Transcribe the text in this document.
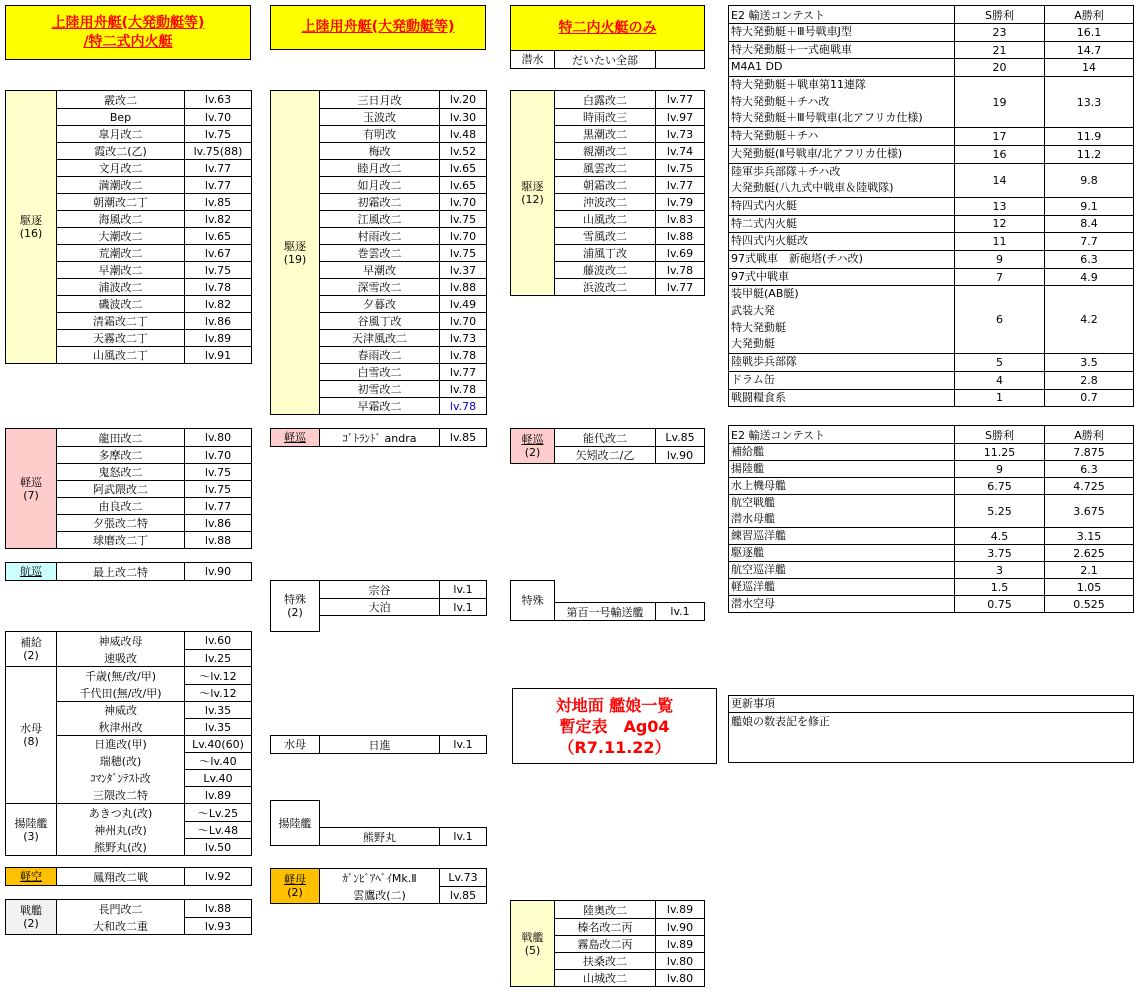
対地面 艦娘一覧
暫定表　Ag04
（R7.11.22）
更新事項
艦娘の数表記を修正
上陸用舟艇(大発動艇等)
/特二式内火艇
駆逐
(16)
霰改二	lv.63
Bep	lv.70
皐月改二	lv.75
霞改二(乙)	lv.75(88)
文月改二	lv.77
満潮改二	lv.77
朝潮改二丁	lv.85
海風改二	lv.82
大潮改二	lv.65
荒潮改二	lv.67
早潮改二	lv.75
浦波改二	lv.78
磯波改二	lv.82
清霜改二丁	lv.86
天霧改二丁	lv.89
山風改二丁	lv.91
軽巡
(7)
龍田改二	lv.80
多摩改二	lv.70
鬼怒改二	lv.75
阿武隈改二	lv.75
由良改二	lv.77
夕張改二特	lv.86
球磨改二丁	lv.88
航巡	最上改二特	lv.90
補給
(2)
神威改母	lv.60
速吸改	lv.25
水母
(8)
千歳(無/改/甲)	～lv.12
千代田(無/改/甲)	～lv.12
神威改	lv.35
秋津州改	lv.35
日進改(甲)	Lv.40(60)
瑞穂(改)	～lv.40
ｺﾏﾝﾀﾞﾝﾃｽﾄ改	Lv.40
三隈改二特	lv.89
揚陸艦
(3)
あきつ丸(改)	～Lv.25
神州丸(改)	～Lv.48
熊野丸(改)	lv.50
軽空	鳳翔改二戦	lv.92
戦艦
(2)
長門改二	lv.88
大和改二重	lv.93
上陸用舟艇(大発動艇等)
駆逐
(19)
三日月改	lv.20
玉波改	lv.30
有明改	lv.48
梅改	lv.52
睦月改二	lv.65
如月改二	lv.65
初霜改二	lv.70
江風改二	lv.75
村雨改二	lv.70
巻雲改二	lv.75
早潮改	lv.37
深雪改二	lv.88
夕暮改	lv.49
谷風丁改	lv.70
天津風改二	lv.73
春雨改二	lv.78
白雪改二	lv.77
初雪改二	lv.78
早霜改二	lv.78
軽巡	ｺﾞﾄﾗﾝﾄﾞ andra	lv.85
特殊
(2)
宗谷	lv.1
大泊	lv.1
水母	日進	lv.1
揚陸艦
熊野丸	lv.1
軽母
(2)
ｶﾞﾝﾋﾞｱﾍﾞｲMk.Ⅱ	Lv.73
雲鷹改(二)	lv.85
特二内火艇のみ
潜水	だいたい全部
駆逐
(12)
白露改二	lv.77
時雨改三	lv.97
黒潮改二	lv.73
親潮改二	lv.74
風雲改二	lv.75
朝霜改二	lv.77
沖波改二	lv.79
山風改二	lv.83
雪風改二	lv.88
浦風丁改	lv.69
藤波改二	lv.78
浜波改二	lv.77
軽巡
(2)
能代改二	Lv.85
矢矧改二/乙	lv.90
特殊
第百一号輸送艦	lv.1
戦艦
(5)
陸奥改二	lv.89
榛名改二丙	lv.90
霧島改二丙	lv.89
扶桑改二	lv.80
山城改二	lv.80
E2 輸送コンテスト	S勝利	A勝利
特大発動艇＋Ⅲ号戦車J型	23	16.1
特大発動艇＋一式砲戦車	21	14.7
M4A1 DD	20	14
特大発動艇＋戦車第11連隊
特大発動艇＋チハ改
特大発動艇＋Ⅲ号戦車(北アフリカ仕様)
19	13.3
特大発動艇＋チハ	17	11.9
大発動艇(Ⅱ号戦車/北アフリカ仕様)	16	11.2
陸軍歩兵部隊＋チハ改
大発動艇(八九式中戦車＆陸戦隊)
14	9.8
特四式内火艇	13	9.1
特二式内火艇	12	8.4
特四式内火艇改	11	7.7
97式戦車　新砲塔(チハ改)	9	6.3
97式中戦車	7	4.9
装甲艇(AB艇)
武装大発
特大発動艇
大発動艇
6	4.2
陸戦歩兵部隊	5	3.5
ドラム缶	4	2.8
戦闘糧食系	1	0.7
E2 輸送コンテスト	S勝利	A勝利
補給艦	11.25	7.875
揚陸艦	9	6.3
水上機母艦	6.75	4.725
航空戦艦
潜水母艦
5.25	3.675
練習巡洋艦	4.5	3.15
駆逐艦	3.75	2.625
航空巡洋艦	3	2.1
軽巡洋艦	1.5	1.05
潜水空母	0.75	0.525
